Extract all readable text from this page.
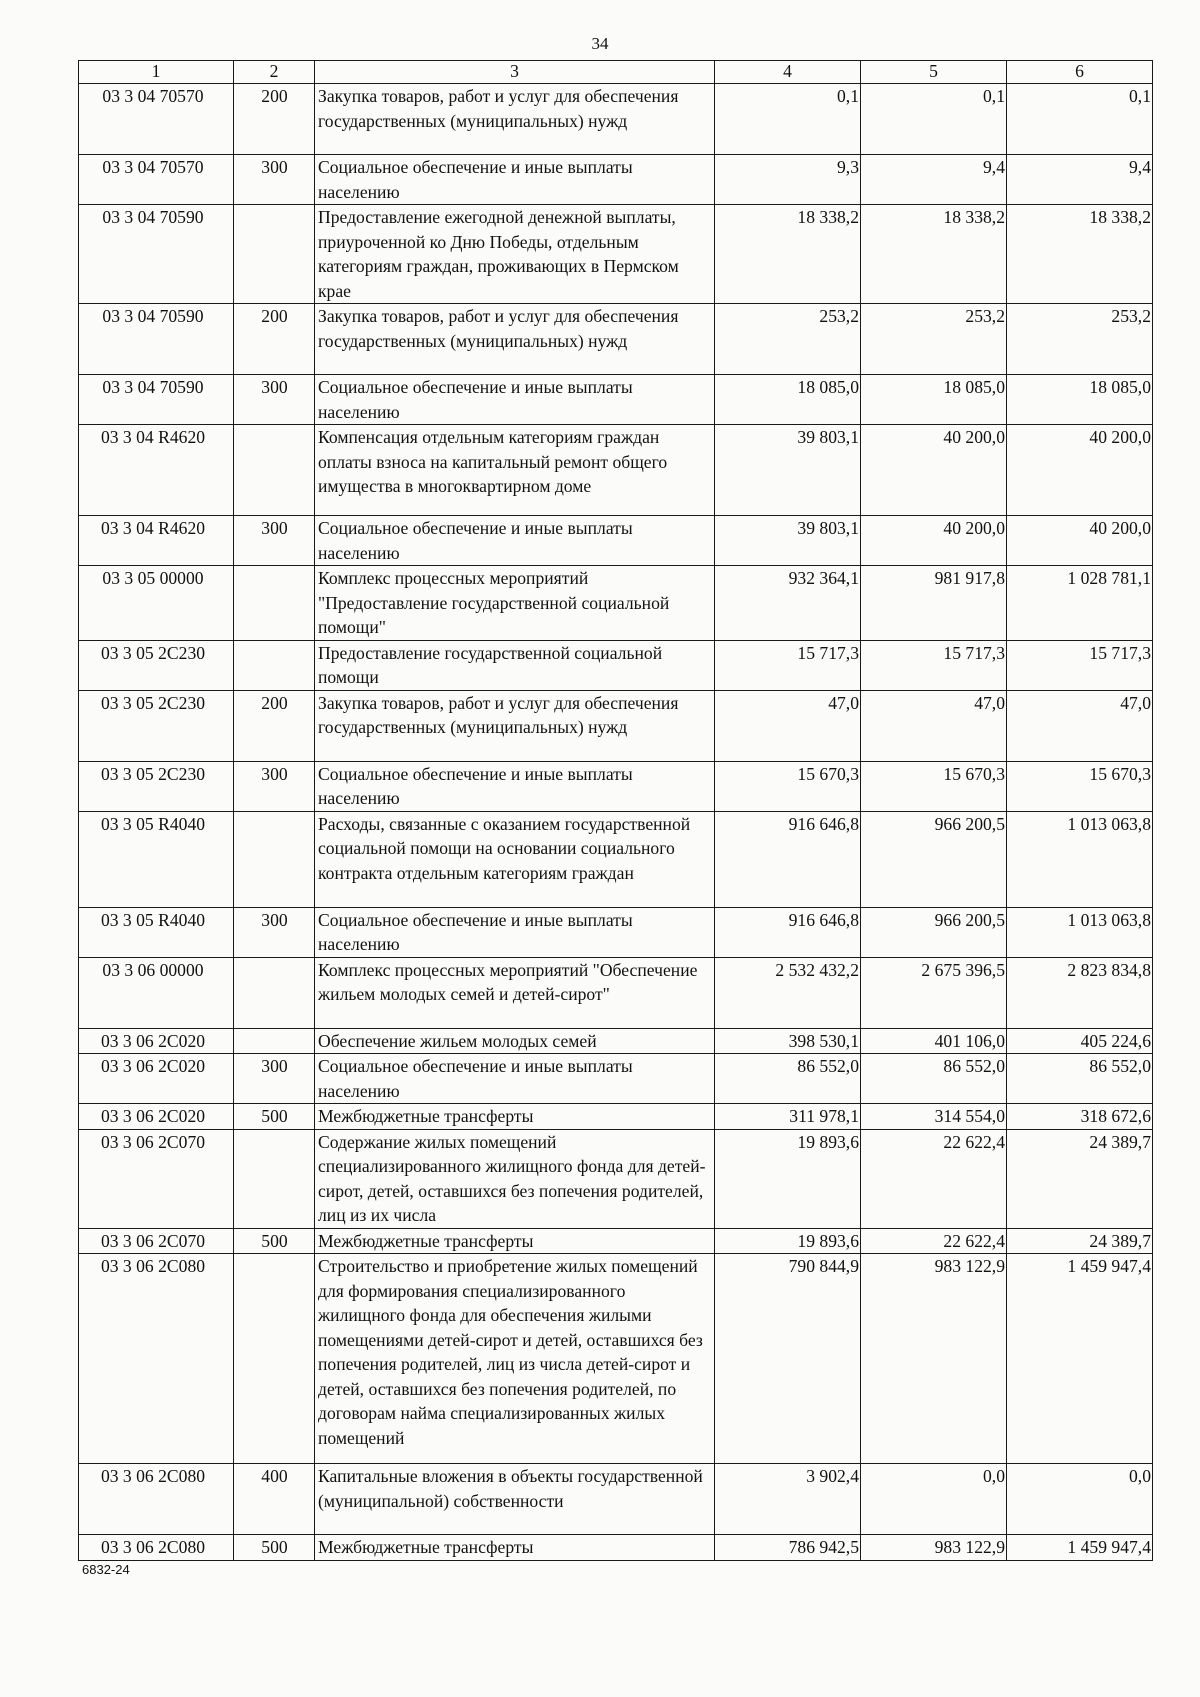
34
1	2	3	4	5	6
03 3 04 70570	200	Закупка товаров, работ и услуг для обеспечения государственных (муниципальных) нужд	0,1	0,1	0,1
03 3 04 70570	300	Социальное обеспечение и иные выплаты населению	9,3	9,4	9,4
03 3 04 70590		Предоставление ежегодной денежной выплаты, приуроченной ко Дню Победы, отдельным категориям граждан, проживающих в Пермском крае	18 338,2	18 338,2	18 338,2
03 3 04 70590	200	Закупка товаров, работ и услуг для обеспечения государственных (муниципальных) нужд	253,2	253,2	253,2
03 3 04 70590	300	Социальное обеспечение и иные выплаты населению	18 085,0	18 085,0	18 085,0
03 3 04 R4620		Компенсация отдельным категориям граждан оплаты взноса на капитальный ремонт общего имущества в многоквартирном доме	39 803,1	40 200,0	40 200,0
03 3 04 R4620	300	Социальное обеспечение и иные выплаты населению	39 803,1	40 200,0	40 200,0
03 3 05 00000		Комплекс процессных мероприятий "Предоставление государственной социальной помощи"	932 364,1	981 917,8	1 028 781,1
03 3 05 2C230		Предоставление государственной социальной помощи	15 717,3	15 717,3	15 717,3
03 3 05 2C230	200	Закупка товаров, работ и услуг для обеспечения государственных (муниципальных) нужд	47,0	47,0	47,0
03 3 05 2C230	300	Социальное обеспечение и иные выплаты населению	15 670,3	15 670,3	15 670,3
03 3 05 R4040		Расходы, связанные с оказанием государственной социальной помощи на основании социального контракта отдельным категориям граждан	916 646,8	966 200,5	1 013 063,8
03 3 05 R4040	300	Социальное обеспечение и иные выплаты населению	916 646,8	966 200,5	1 013 063,8
03 3 06 00000		Комплекс процессных мероприятий "Обеспечение жильем молодых семей и детей-сирот"	2 532 432,2	2 675 396,5	2 823 834,8
03 3 06 2C020		Обеспечение жильем молодых семей	398 530,1	401 106,0	405 224,6
03 3 06 2C020	300	Социальное обеспечение и иные выплаты населению	86 552,0	86 552,0	86 552,0
03 3 06 2C020	500	Межбюджетные трансферты	311 978,1	314 554,0	318 672,6
03 3 06 2C070		Содержание жилых помещений специализированного жилищного фонда для детей-сирот, детей, оставшихся без попечения родителей, лиц из их числа	19 893,6	22 622,4	24 389,7
03 3 06 2C070	500	Межбюджетные трансферты	19 893,6	22 622,4	24 389,7
03 3 06 2C080		Строительство и приобретение жилых помещений для формирования специализированного жилищного фонда для обеспечения жилыми помещениями детей-сирот и детей, оставшихся без попечения родителей, лиц из числа детей-сирот и детей, оставшихся без попечения родителей, по договорам найма специализированных жилых помещений	790 844,9	983 122,9	1 459 947,4
03 3 06 2C080	400	Капитальные вложения в объекты государственной (муниципальной) собственности	3 902,4	0,0	0,0
03 3 06 2C080	500	Межбюджетные трансферты	786 942,5	983 122,9	1 459 947,4
6832-24
